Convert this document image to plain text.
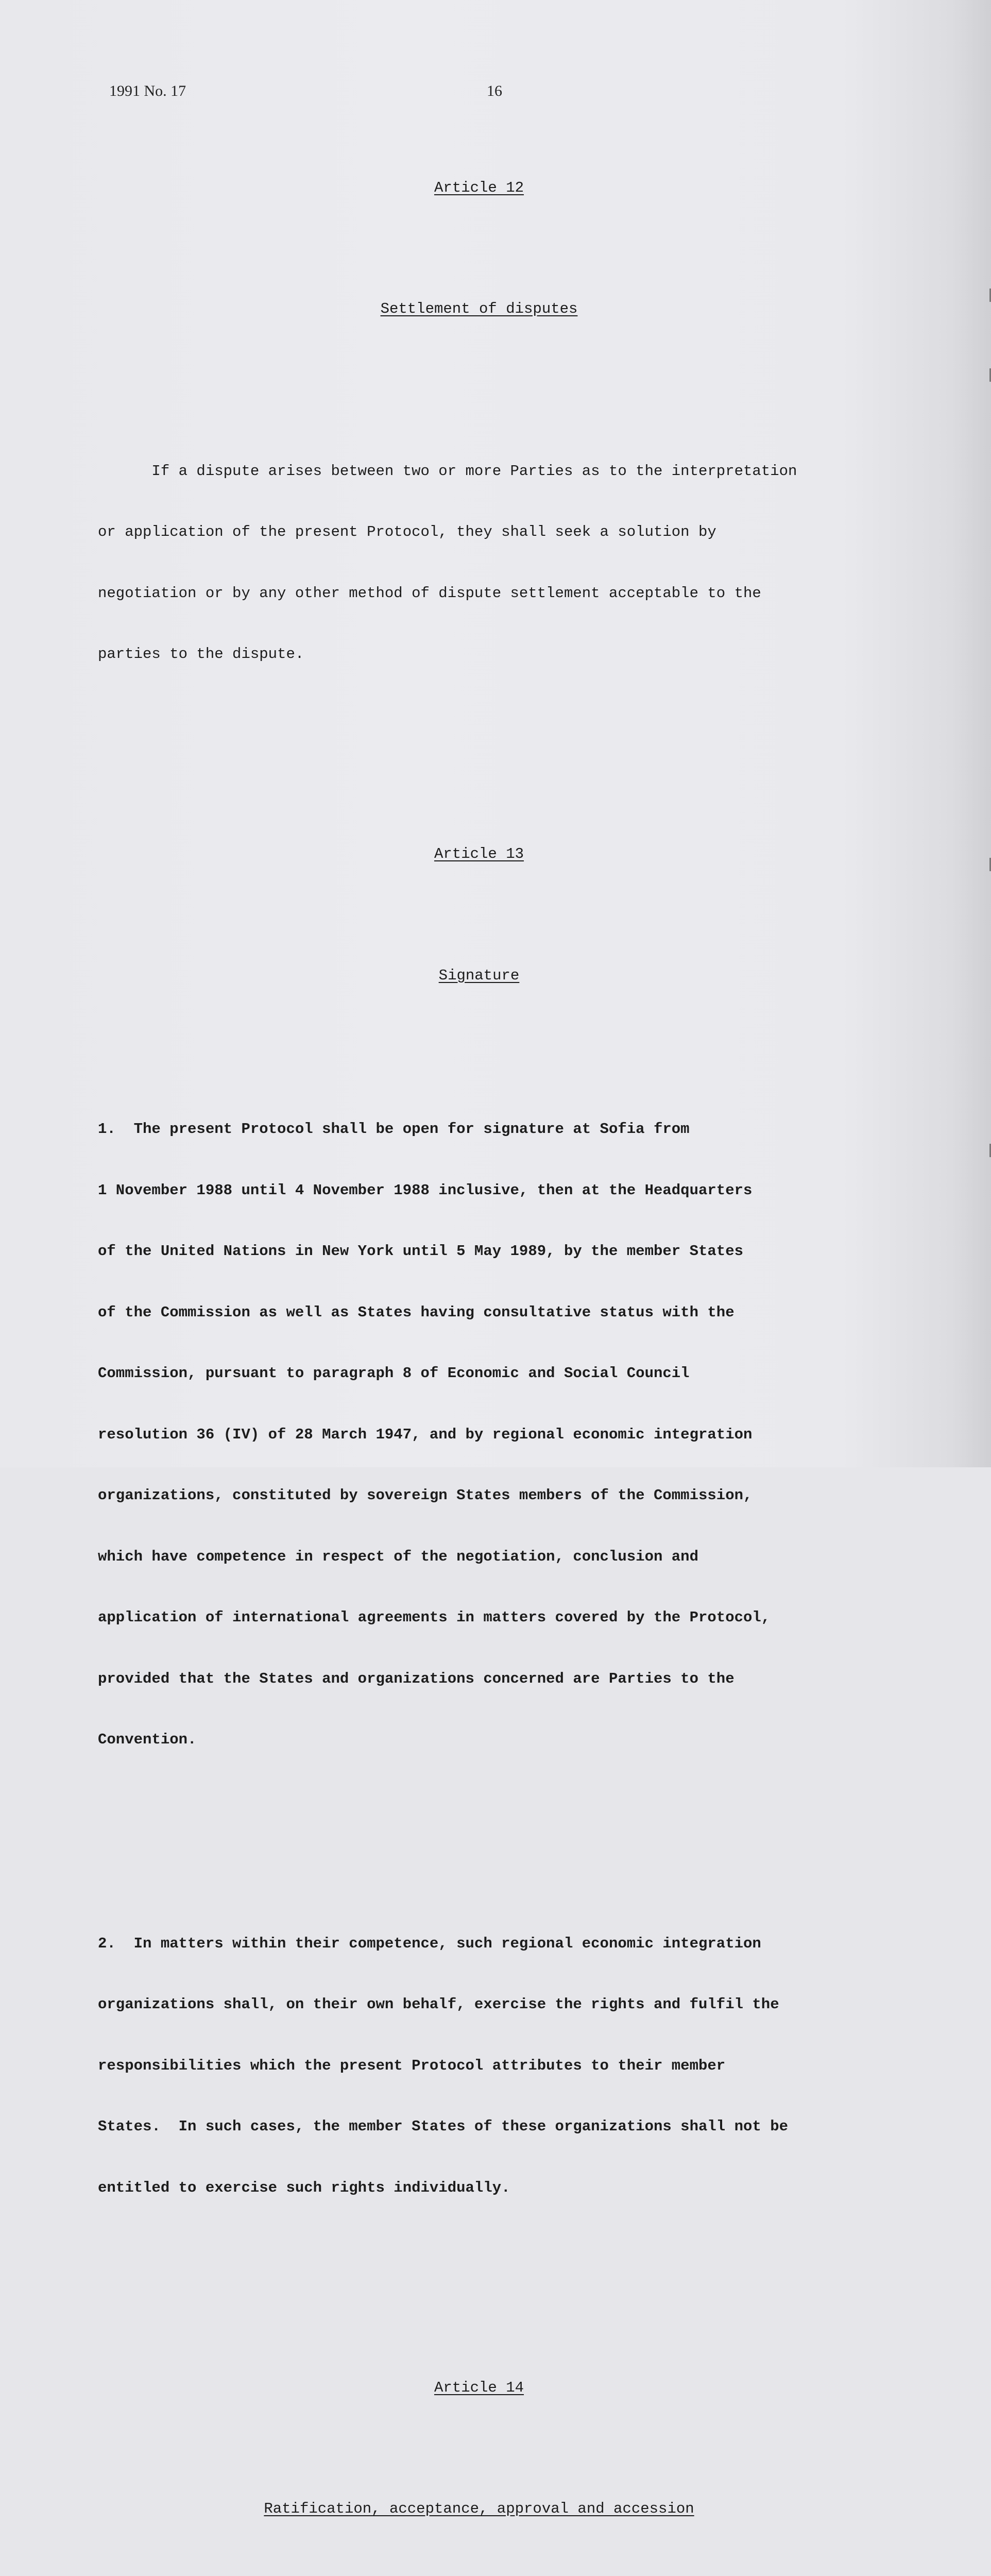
1991 No. 17	16

Article 12

Settlement of disputes

If a dispute arises between two or more Parties as to the interpretation

or application of the present Protocol, they shall seek a solution by

negotiation or by any other method of dispute settlement acceptable to the

parties to the dispute.

Article 13

Signature

1.  The present Protocol shall be open for signature at Sofia from

1 November 1988 until 4 November 1988 inclusive, then at the Headquarters

of the United Nations in New York until 5 May 1989, by the member States

of the Commission as well as States having consultative status with the

Commission, pursuant to paragraph 8 of Economic and Social Council

resolution 36 (IV) of 28 March 1947, and by regional economic integration

organizations, constituted by sovereign States members of the Commission,

which have competence in respect of the negotiation, conclusion and

application of international agreements in matters covered by the Protocol,

provided that the States and organizations concerned are Parties to the

Convention.

2.  In matters within their competence, such regional economic integration

organizations shall, on their own behalf, exercise the rights and fulfil the

responsibilities which the present Protocol attributes to their member

States.  In such cases, the member States of these organizations shall not be

entitled to exercise such rights individually.

Article 14

Ratification, acceptance, approval and accession
